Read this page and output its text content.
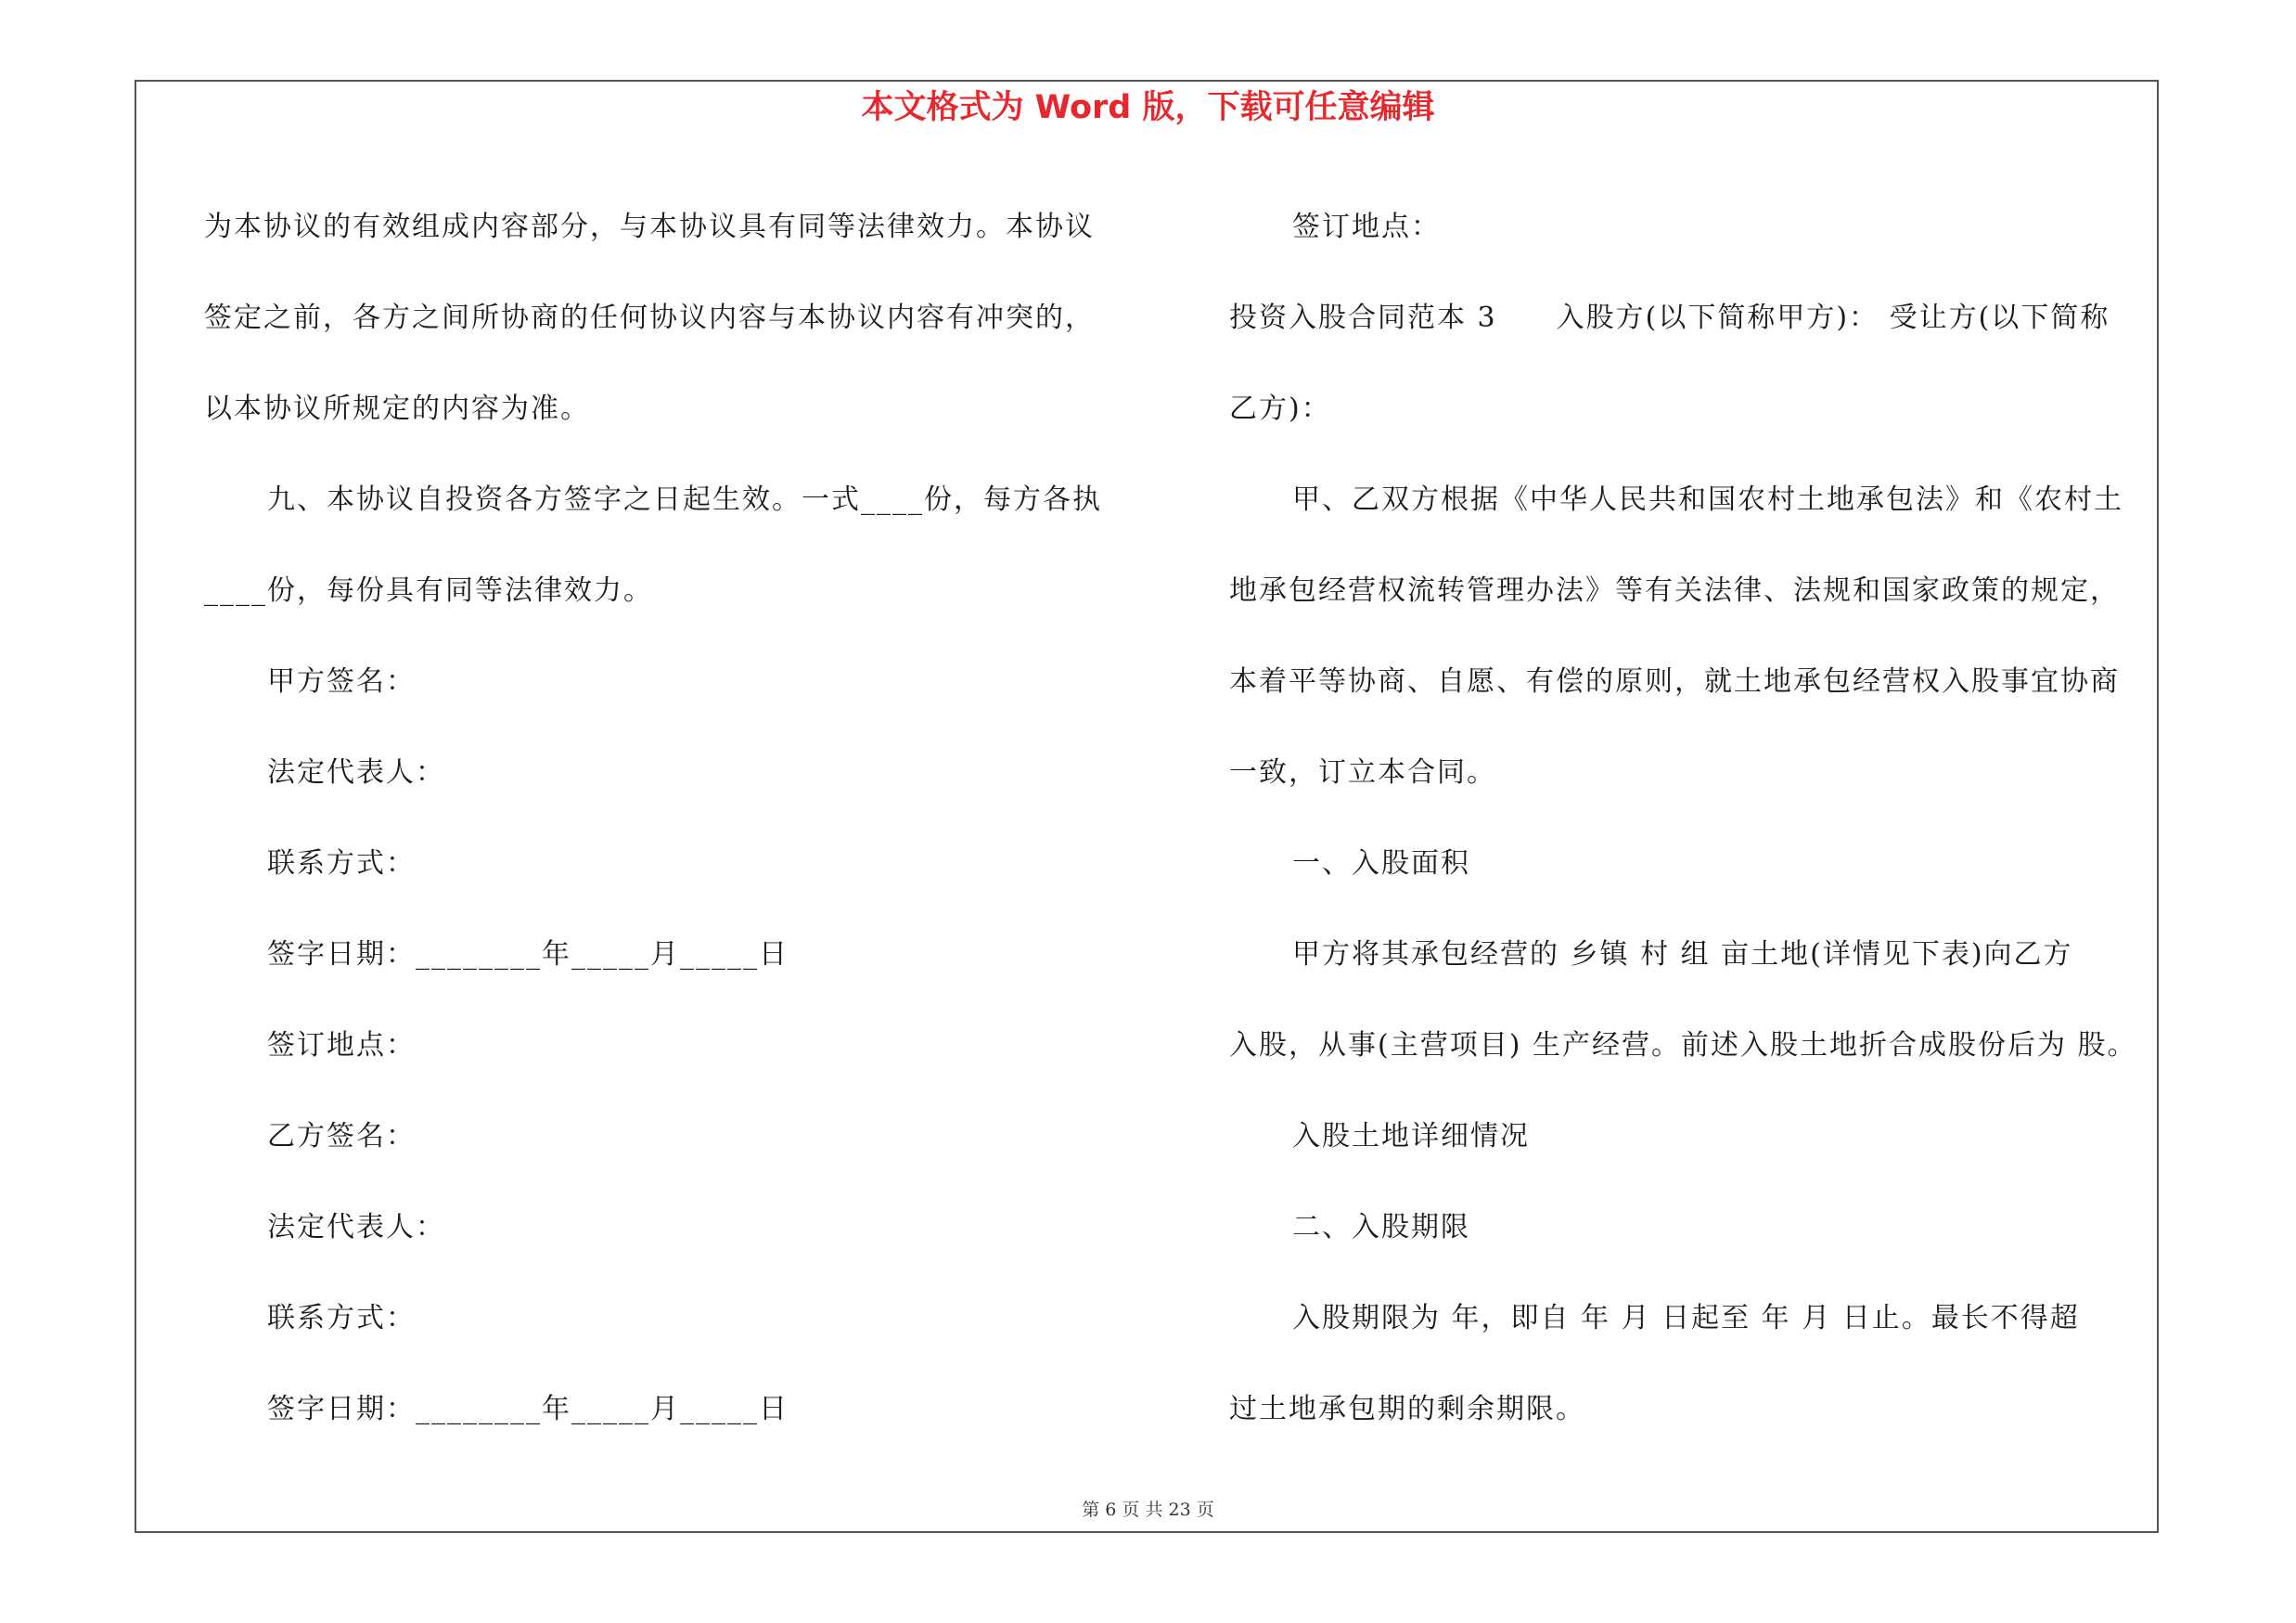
本文格式为 Word 版，下载可任意编辑
为本协议的有效组成内容部分，与本协议具有同等法律效力。本协议
签定之前，各方之间所协商的任何协议内容与本协议内容有冲突的，
以本协议所规定的内容为准。
九、本协议自投资各方签字之日起生效。一式____份，每方各执
____份，每份具有同等法律效力。
甲方签名：
法定代表人：
联系方式：
签字日期：________年_____月_____日
签订地点：
乙方签名：
法定代表人：
联系方式：
签字日期：________年_____月_____日
签订地点：
投资入股合同范本 3　　入股方(以下简称甲方)： 受让方(以下简称
乙方)：
甲、乙双方根据《中华人民共和国农村土地承包法》和《农村土
地承包经营权流转管理办法》等有关法律、法规和国家政策的规定，
本着平等协商、自愿、有偿的原则，就土地承包经营权入股事宜协商
一致，订立本合同。
一、入股面积
甲方将其承包经营的 乡镇 村 组 亩土地(详情见下表)向乙方
入股，从事(主营项目) 生产经营。前述入股土地折合成股份后为 股。
入股土地详细情况
二、入股期限
入股期限为 年，即自 年 月 日起至 年 月 日止。最长不得超
过土地承包期的剩余期限。
第 6 页 共 23 页
